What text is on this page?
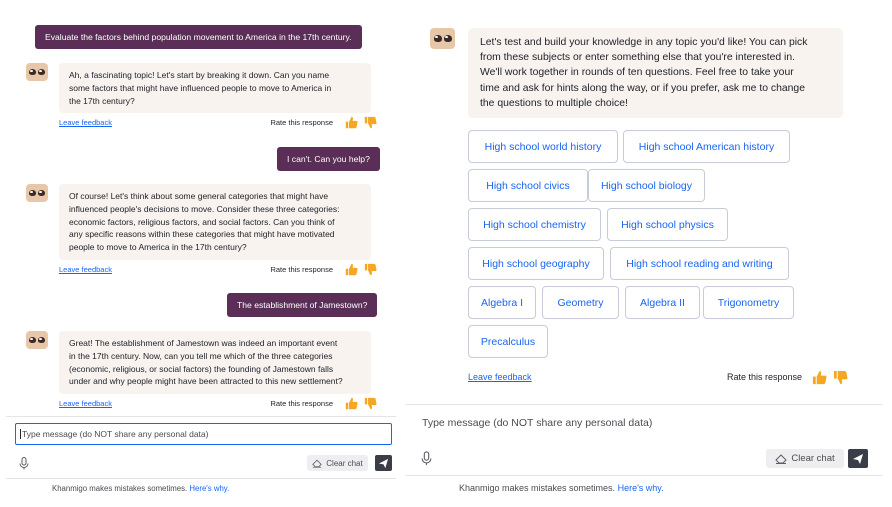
Evaluate the factors behind population movement to America in the 17th century.
Ah, a fascinating topic! Let's start by breaking it down. Can you name
some factors that might have influenced people to move to America in
the 17th century?
Leave feedback	Rate this response
I can't. Can you help?
Of course! Let's think about some general categories that might have
influenced people's decisions to move. Consider these three categories:
economic factors, religious factors, and social factors. Can you think of
any specific reasons within these categories that might have motivated
people to move to America in the 17th century?
Leave feedback	Rate this response
The establishment of Jamestown?
Great! The establishment of Jamestown was indeed an important event
in the 17th century. Now, can you tell me which of the three categories
(economic, religious, or social factors) the founding of Jamestown falls
under and why people might have been attracted to this new settlement?
Leave feedback	Rate this response
Type message (do NOT share any personal data)
Clear chat
Khanmigo makes mistakes sometimes. Here's why.
Let's test and build your knowledge in any topic you'd like! You can pick
from these subjects or enter something else that you're interested in.
We'll work together in rounds of ten questions. Feel free to take your
time and ask for hints along the way, or if you prefer, ask me to change
the questions to multiple choice!
High school world history	High school American history
High school civics	High school biology
High school chemistry	High school physics
High school geography	High school reading and writing
Algebra I	Geometry	Algebra II	Trigonometry
Precalculus
Leave feedback	Rate this response
Type message (do NOT share any personal data)
Clear chat
Khanmigo makes mistakes sometimes. Here's why.
